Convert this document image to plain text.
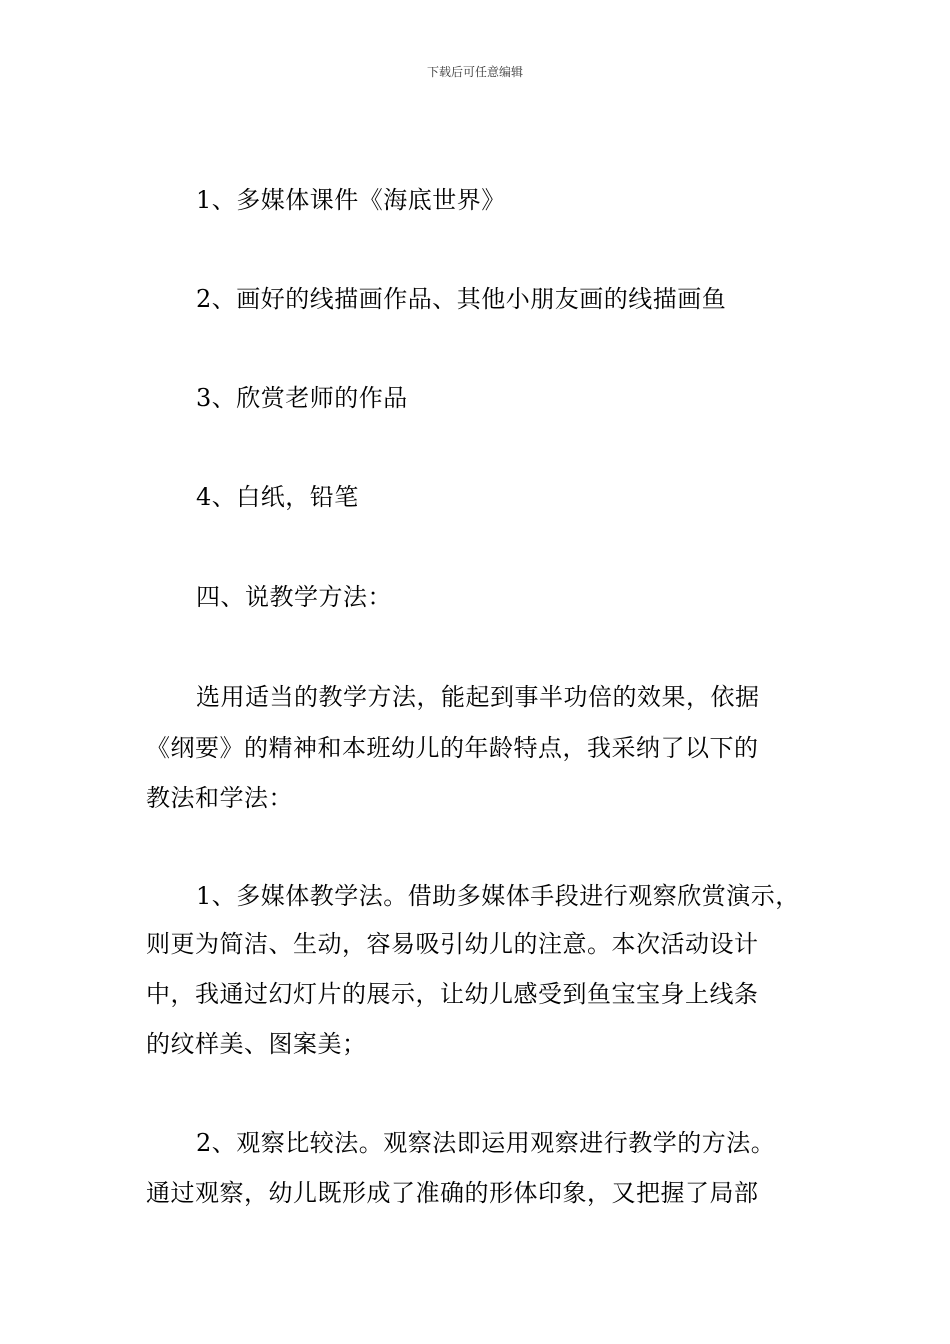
下载后可任意编辑
1、多媒体课件《海底世界》
2、画好的线描画作品、其他小朋友画的线描画鱼
3、欣赏老师的作品
4、白纸，铅笔
四、说教学方法：
选用适当的教学方法，能起到事半功倍的效果，依据
《纲要》的精神和本班幼儿的年龄特点，我采纳了以下的
教法和学法：
1、多媒体教学法。借助多媒体手段进行观察欣赏演示，
则更为简洁、生动，容易吸引幼儿的注意。本次活动设计
中，我通过幻灯片的展示，让幼儿感受到鱼宝宝身上线条
的纹样美、图案美；
2、观察比较法。观察法即运用观察进行教学的方法。
通过观察，幼儿既形成了准确的形体印象，又把握了局部
